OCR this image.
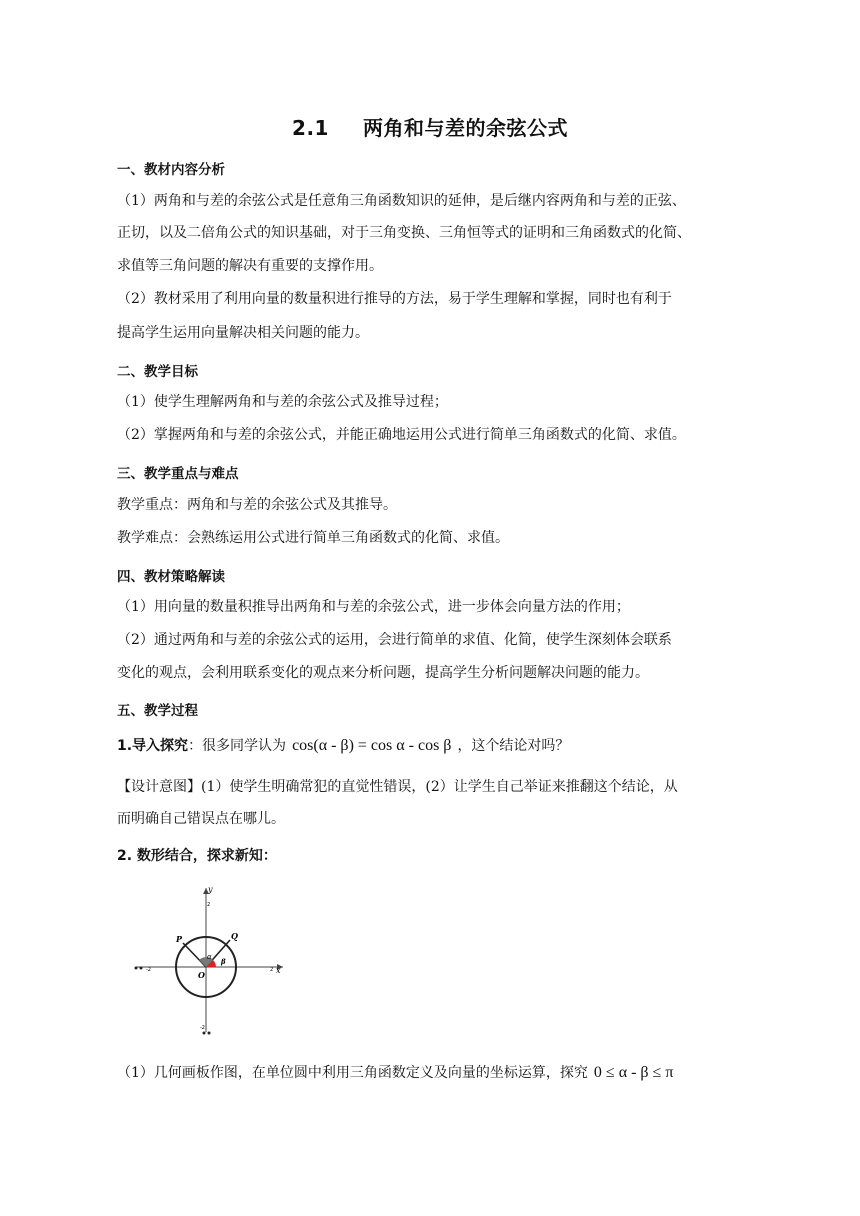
2.1 两角和与差的余弦公式
一、教材内容分析
（1）两角和与差的余弦公式是任意角三角函数知识的延伸，是后继内容两角和与差的正弦、
正切，以及二倍角公式的知识基础，对于三角变换、三角恒等式的证明和三角函数式的化简、
求值等三角问题的解决有重要的支撑作用。
（2）教材采用了利用向量的数量积进行推导的方法，易于学生理解和掌握，同时也有利于
提高学生运用向量解决相关问题的能力。
二、教学目标
（1）使学生理解两角和与差的余弦公式及推导过程；
（2）掌握两角和与差的余弦公式，并能正确地运用公式进行简单三角函数式的化简、求值。
三、教学重点与难点
教学重点：两角和与差的余弦公式及其推导。
教学难点：会熟练运用公式进行简单三角函数式的化简、求值。
四、教材策略解读
（1）用向量的数量积推导出两角和与差的余弦公式，进一步体会向量方法的作用；
（2）通过两角和与差的余弦公式的运用，会进行简单的求值、化简，使学生深刻体会联系
变化的观点，会利用联系变化的观点来分析问题，提高学生分析问题解决问题的能力。
五、教学过程
1.导入探究：很多同学认为 cos(α - β) = cos α - cos β ，这个结论对吗？
【设计意图】(1）使学生明确常犯的直觉性错误，(2）让学生自己举证来推翻这个结论，从
而明确自己错误点在哪儿。
2. 数形结合，探求新知：
y
x
O
P	Q
α β
2
-2
2
-2
（1）几何画板作图，在单位圆中利用三角函数定义及向量的坐标运算，探究 0 ≤ α - β ≤ π
